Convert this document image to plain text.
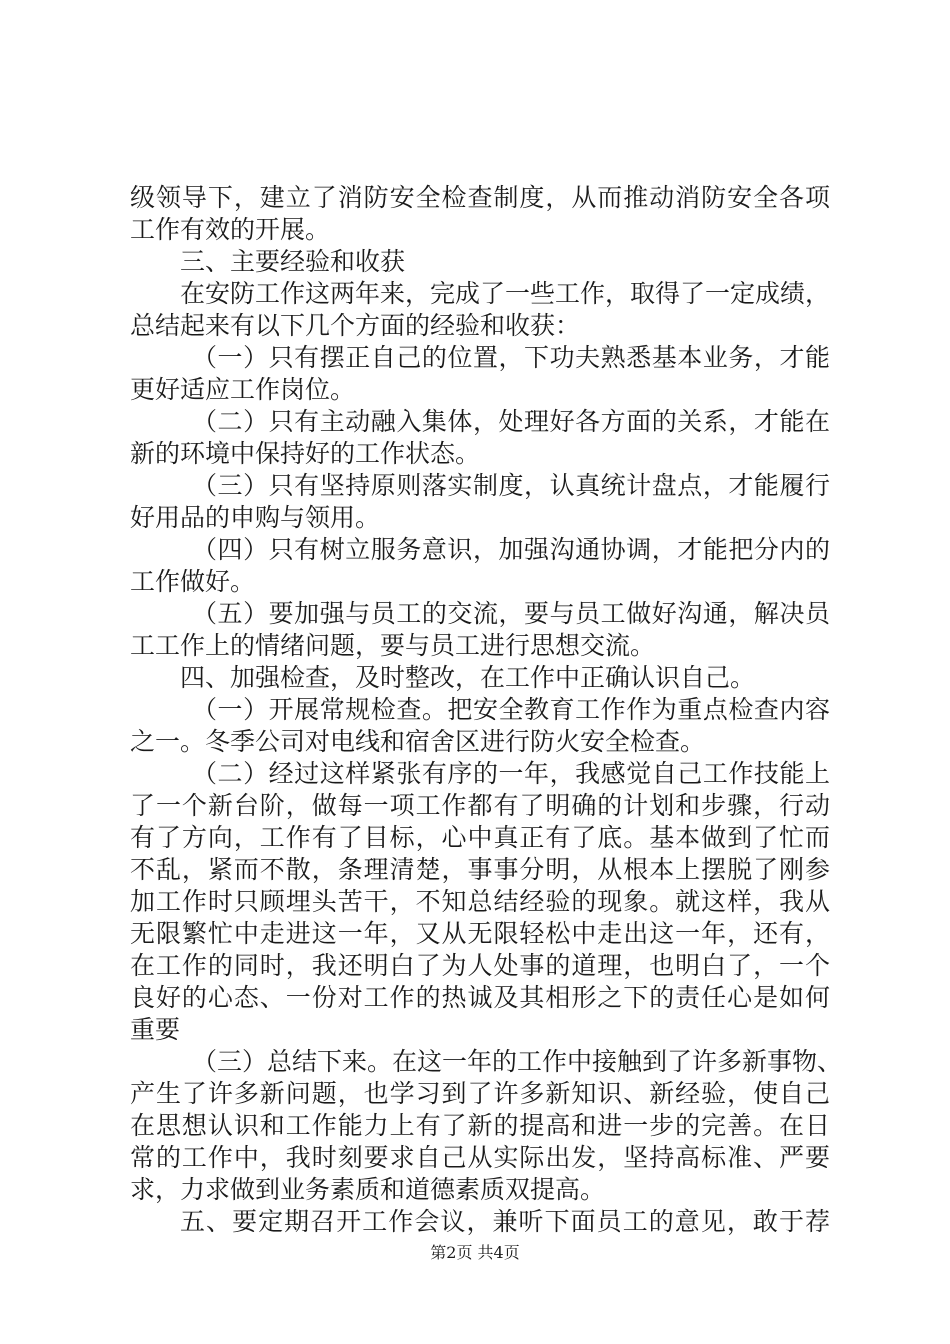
级领导下，建立了消防安全检查制度，从而推动消防安全各项
工作有效的开展。
三、主要经验和收获
在安防工作这两年来，完成了一些工作，取得了一定成绩，
总结起来有以下几个方面的经验和收获：
（一）只有摆正自己的位置，下功夫熟悉基本业务，才能
更好适应工作岗位。
（二）只有主动融入集体，处理好各方面的关系，才能在
新的环境中保持好的工作状态。
（三）只有坚持原则落实制度，认真统计盘点，才能履行
好用品的申购与领用。
（四）只有树立服务意识，加强沟通协调，才能把分内的
工作做好。
（五）要加强与员工的交流，要与员工做好沟通，解决员
工工作上的情绪问题，要与员工进行思想交流。
四、加强检查，及时整改，在工作中正确认识自己。
（一）开展常规检查。把安全教育工作作为重点检查内容
之一。冬季公司对电线和宿舍区进行防火安全检查。
（二）经过这样紧张有序的一年，我感觉自己工作技能上
了一个新台阶，做每一项工作都有了明确的计划和步骤，行动
有了方向，工作有了目标，心中真正有了底。基本做到了忙而
不乱，紧而不散，条理清楚，事事分明，从根本上摆脱了刚参
加工作时只顾埋头苦干，不知总结经验的现象。就这样，我从
无限繁忙中走进这一年，又从无限轻松中走出这一年，还有，
在工作的同时，我还明白了为人处事的道理，也明白了，一个
良好的心态、一份对工作的热诚及其相形之下的责任心是如何
重要
（三）总结下来。在这一年的工作中接触到了许多新事物、
产生了许多新问题，也学习到了许多新知识、新经验，使自己
在思想认识和工作能力上有了新的提高和进一步的完善。在日
常的工作中，我时刻要求自己从实际出发，坚持高标准、严要
求，力求做到业务素质和道德素质双提高。
五、要定期召开工作会议，兼听下面员工的意见，敢于荐
第2页 共4页
